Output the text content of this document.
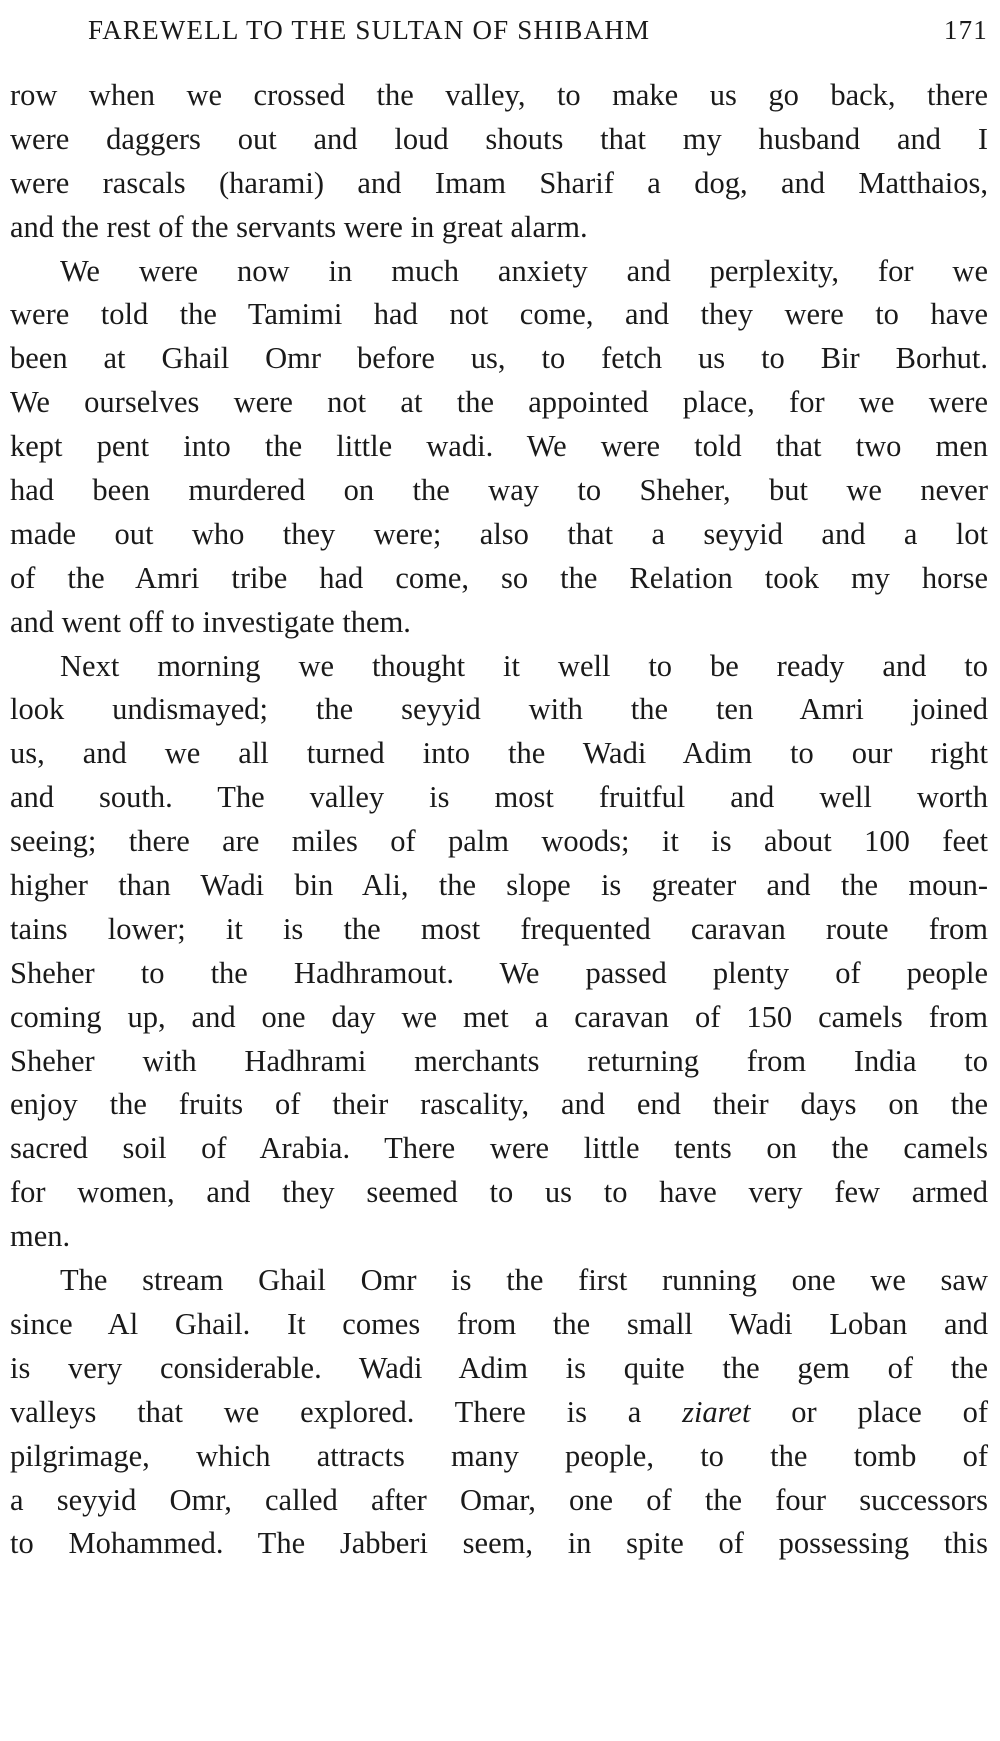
FAREWELL TO THE SULTAN OF SHIBAHM	171
row when we crossed the valley, to make us go back, there
were daggers out and loud shouts that my husband and I
were rascals (harami) and Imam Sharif a dog, and Matthaios,
and the rest of the servants were in great alarm.
We were now in much anxiety and perplexity, for we
were told the Tamimi had not come, and they were to have
been at Ghail Omr before us, to fetch us to Bir Borhut.
We ourselves were not at the appointed place, for we were
kept pent into the little wadi. We were told that two men
had been murdered on the way to Sheher, but we never
made out who they were; also that a seyyid and a lot
of the Amri tribe had come, so the Relation took my horse
and went off to investigate them.
Next morning we thought it well to be ready and to
look undismayed; the seyyid with the ten Amri joined
us, and we all turned into the Wadi Adim to our right
and south. The valley is most fruitful and well worth
seeing; there are miles of palm woods; it is about 100 feet
higher than Wadi bin Ali, the slope is greater and the moun-
tains lower; it is the most frequented caravan route from
Sheher to the Hadhramout. We passed plenty of people
coming up, and one day we met a caravan of 150 camels from
Sheher with Hadhrami merchants returning from India to
enjoy the fruits of their rascality, and end their days on the
sacred soil of Arabia. There were little tents on the camels
for women, and they seemed to us to have very few armed
men.
The stream Ghail Omr is the first running one we saw
since Al Ghail. It comes from the small Wadi Loban and
is very considerable. Wadi Adim is quite the gem of the
valleys that we explored. There is a ziaret or place of
pilgrimage, which attracts many people, to the tomb of
a seyyid Omr, called after Omar, one of the four successors
to Mohammed. The Jabberi seem, in spite of possessing this
